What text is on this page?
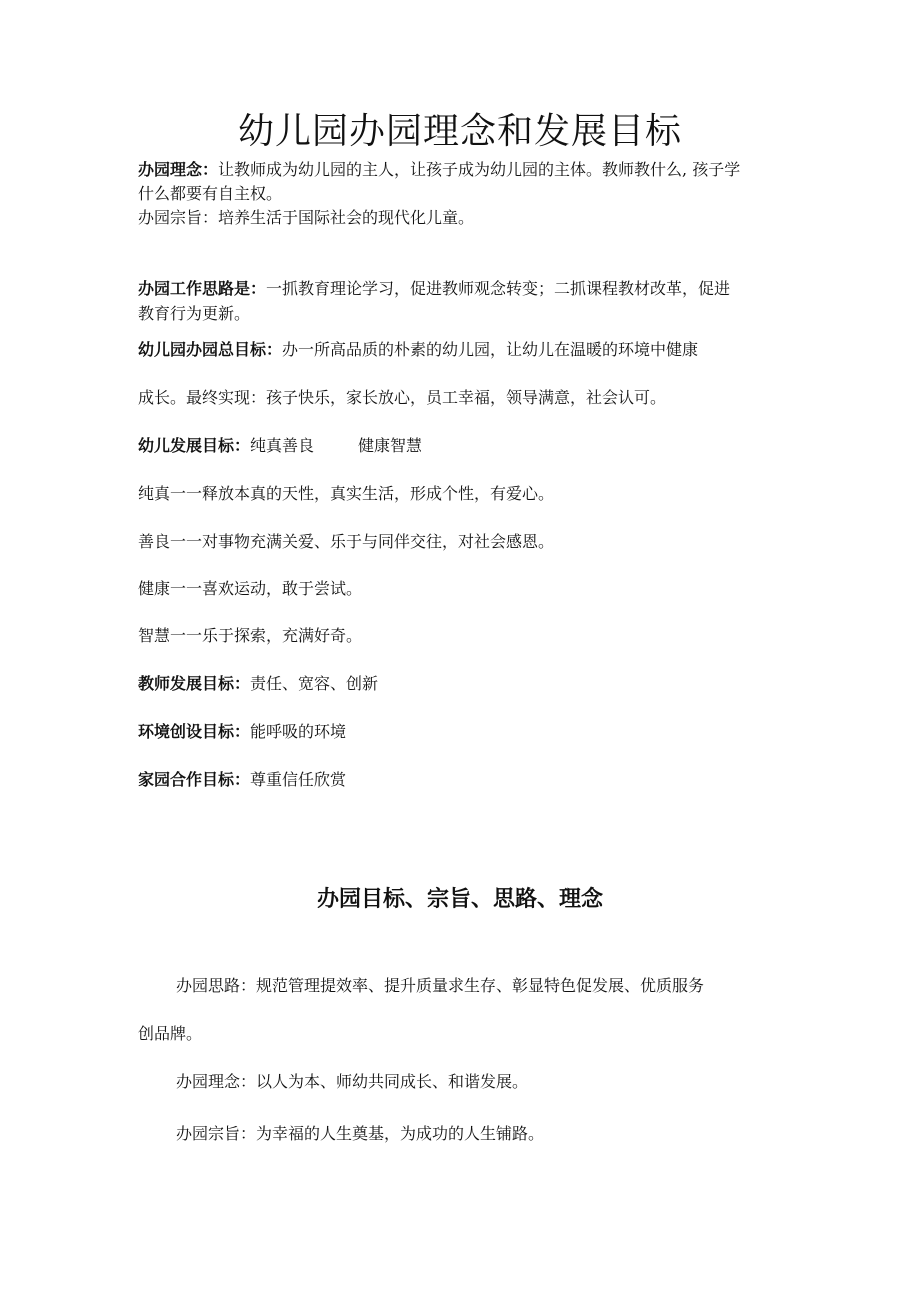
幼儿园办园理念和发展目标

办园理念：让教师成为幼儿园的主人，让孩子成为幼儿园的主体。教师教什么, 孩子学

什么都要有自主权。

办园宗旨：培养生活于国际社会的现代化儿童。

办园工作思路是：一抓教育理论学习，促进教师观念转变；二抓课程教材改革，促进

教育行为更新。

幼儿园办园总目标：办一所高品质的朴素的幼儿园，让幼儿在温暖的环境中健康

成长。最终实现：孩子快乐，家长放心，员工幸福，领导满意，社会认可。

幼儿发展目标：纯真善良	健康智慧

纯真一一释放本真的天性，真实生活，形成个性，有爱心。

善良一一对事物充满关爱、乐于与同伴交往，对社会感恩。

健康一一喜欢运动，敢于尝试。

智慧一一乐于探索，充满好奇。

教师发展目标：责任、宽容、创新

环境创设目标：能呼吸的环境

家园合作目标：尊重信任欣赏

办园目标、宗旨、思路、理念

办园思路：规范管理提效率、提升质量求生存、彰显特色促发展、优质服务

创品牌。

办园理念：以人为本、师幼共同成长、和谐发展。

办园宗旨：为幸福的人生奠基，为成功的人生铺路。
